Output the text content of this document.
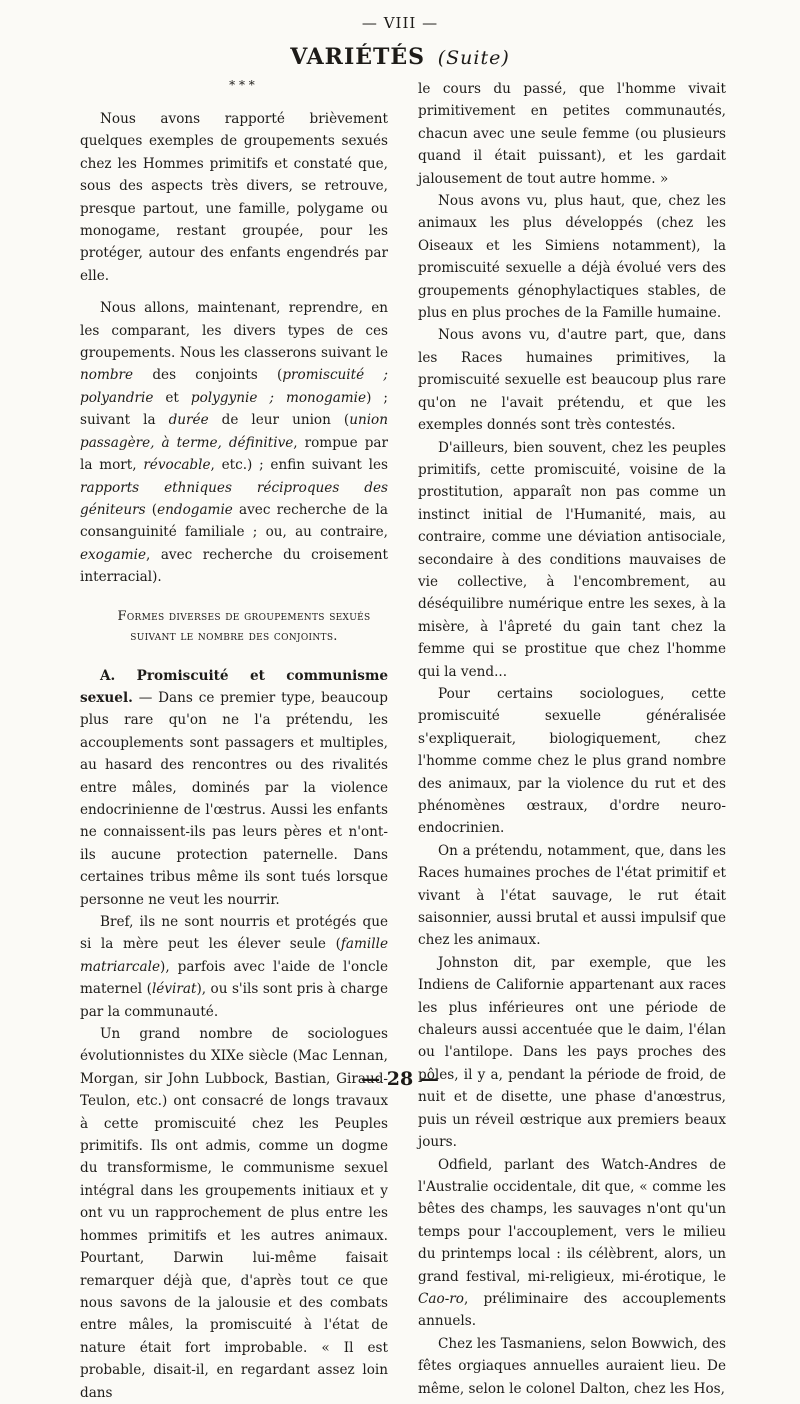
— VIII —
VARIÉTÉS (Suite)
* * *

Nous avons rapporté brièvement quelques exemples de groupements sexués chez les Hommes primitifs et constaté que, sous des aspects très divers, se retrouve, presque partout, une famille, polygame ou monogame, restant groupée, pour les protéger, autour des enfants engendrés par elle.

Nous allons, maintenant, reprendre, en les comparant, les divers types de ces groupements. Nous les classerons suivant le nombre des conjoints (promiscuité ; polyandrie et polygynie ; monogamie) ; suivant la durée de leur union (union passagère, à terme, définitive, rompue par la mort, révocable, etc.) ; enfin suivant les rapports ethniques réciproques des géniteurs (endogamie avec recherche de la consanguinité familiale ; ou, au contraire, exogamie, avec recherche du croisement interracial).

Formes diverses de groupements sexués
suivant le nombre des conjoints.

A. Promiscuité et communisme sexuel. — Dans ce premier type, beaucoup plus rare qu'on ne l'a prétendu, les accouplements sont passagers et multiples, au hasard des rencontres ou des rivalités entre mâles, dominés par la violence endocrinienne de l'œstrus. Aussi les enfants ne connaissent-ils pas leurs pères et n'ont-ils aucune protection paternelle. Dans certaines tribus même ils sont tués lorsque personne ne veut les nourrir.

Bref, ils ne sont nourris et protégés que si la mère peut les élever seule (famille matriarcale), parfois avec l'aide de l'oncle maternel (lévirat), ou s'ils sont pris à charge par la communauté.

Un grand nombre de sociologues évolutionnistes du XIXe siècle (Mac Lennan, Morgan, sir John Lubbock, Bastian, Giraud-Teulon, etc.) ont consacré de longs travaux à cette promiscuité chez les Peuples primitifs. Ils ont admis, comme un dogme du transformisme, le communisme sexuel intégral dans les groupements initiaux et y ont vu un rapprochement de plus entre les hommes primitifs et les autres animaux. Pourtant, Darwin lui-même faisait remarquer déjà que, d'après tout ce que nous savons de la jalousie et des combats entre mâles, la promiscuité à l'état de nature était fort improbable. « Il est probable, disait-il, en regardant assez loin dans

le cours du passé, que l'homme vivait primitivement en petites communautés, chacun avec une seule femme (ou plusieurs quand il était puissant), et les gardait jalousement de tout autre homme. »

Nous avons vu, plus haut, que, chez les animaux les plus développés (chez les Oiseaux et les Simiens notamment), la promiscuité sexuelle a déjà évolué vers des groupements génophylactiques stables, de plus en plus proches de la Famille humaine.

Nous avons vu, d'autre part, que, dans les Races humaines primitives, la promiscuité sexuelle est beaucoup plus rare qu'on ne l'avait prétendu, et que les exemples donnés sont très contestés.

D'ailleurs, bien souvent, chez les peuples primitifs, cette promiscuité, voisine de la prostitution, apparaît non pas comme un instinct initial de l'Humanité, mais, au contraire, comme une déviation antisociale, secondaire à des conditions mauvaises de vie collective, à l'encombrement, au déséquilibre numérique entre les sexes, à la misère, à l'âpreté du gain tant chez la femme qui se prostitue que chez l'homme qui la vend...

Pour certains sociologues, cette promiscuité sexuelle généralisée s'expliquerait, biologiquement, chez l'homme comme chez le plus grand nombre des animaux, par la violence du rut et des phénomènes œstraux, d'ordre neuro-endocrinien.

On a prétendu, notamment, que, dans les Races humaines proches de l'état primitif et vivant à l'état sauvage, le rut était saisonnier, aussi brutal et aussi impulsif que chez les animaux.

Johnston dit, par exemple, que les Indiens de Californie appartenant aux races les plus inférieures ont une période de chaleurs aussi accentuée que le daim, l'élan ou l'antilope. Dans les pays proches des pôles, il y a, pendant la période de froid, de nuit et de disette, une phase d'anœstrus, puis un réveil œstrique aux premiers beaux jours.

Odfield, parlant des Watch-Andres de l'Australie occidentale, dit que, « comme les bêtes des champs, les sauvages n'ont qu'un temps pour l'accouplement, vers le milieu du printemps local : ils célèbrent, alors, un grand festival, mi-religieux, mi-érotique, le Cao-ro, préliminaire des accouplements annuels.

Chez les Tasmaniens, selon Bowwich, des fêtes orgiaques annuelles auraient lieu. De même, selon le colonel Dalton, chez les Hos,

— 28 —
